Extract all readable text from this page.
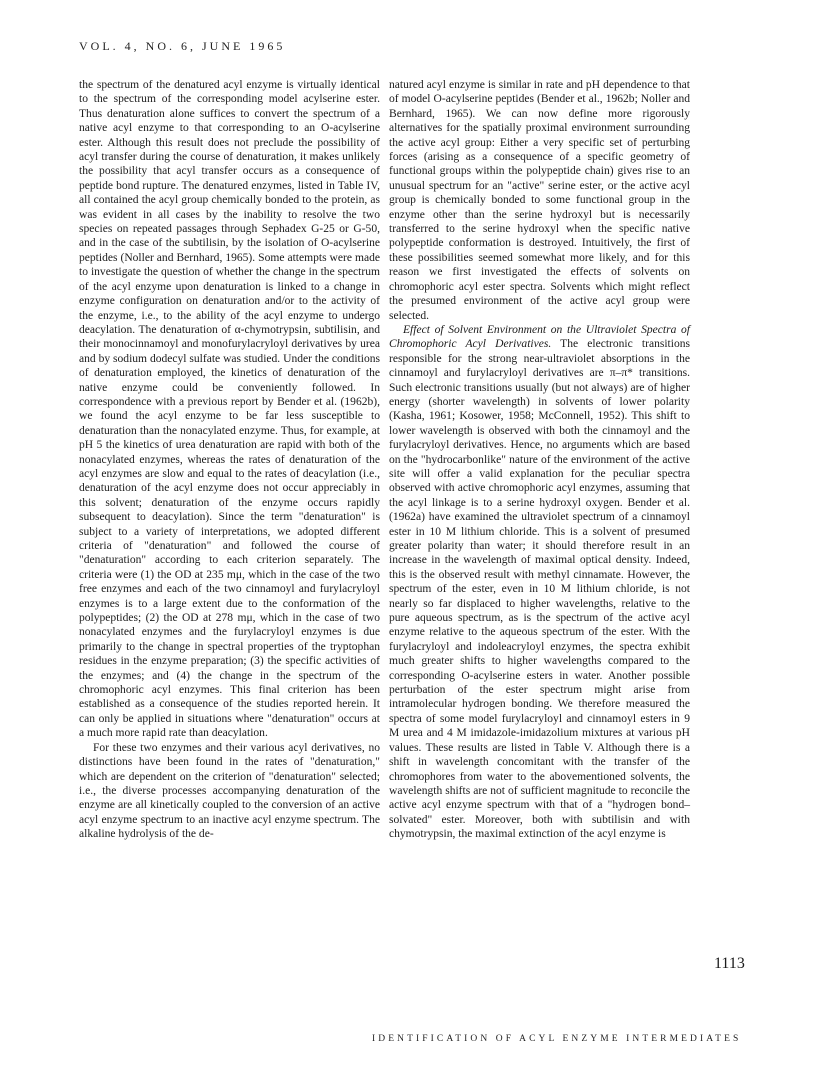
VOL. 4, NO. 6, JUNE 1965

the spectrum of the denatured acyl enzyme is virtually identical to the spectrum of the corresponding model acylserine ester. Thus denaturation alone suffices to convert the spectrum of a native acyl enzyme to that corresponding to an O-acylserine ester. Although this result does not preclude the possibility of acyl transfer during the course of denaturation, it makes unlikely the possibility that acyl transfer occurs as a consequence of peptide bond rupture. The denatured enzymes, listed in Table IV, all contained the acyl group chemically bonded to the protein, as was evident in all cases by the inability to resolve the two species on repeated passages through Sephadex G-25 or G-50, and in the case of the subtilisin, by the isolation of O-acylserine peptides (Noller and Bernhard, 1965). Some attempts were made to investigate the question of whether the change in the spectrum of the acyl enzyme upon denaturation is linked to a change in enzyme configuration on denaturation and/or to the activity of the enzyme, i.e., to the ability of the acyl enzyme to undergo deacylation. The denaturation of α-chymotrypsin, subtilisin, and their monocinnamoyl and monofurylacryloyl derivatives by urea and by sodium dodecyl sulfate was studied. Under the conditions of denaturation employed, the kinetics of denaturation of the native enzyme could be conveniently followed. In correspondence with a previous report by Bender et al. (1962b), we found the acyl enzyme to be far less susceptible to denaturation than the nonacylated enzyme. Thus, for example, at pH 5 the kinetics of urea denaturation are rapid with both of the nonacylated enzymes, whereas the rates of denaturation of the acyl enzymes are slow and equal to the rates of deacylation (i.e., denaturation of the acyl enzyme does not occur appreciably in this solvent; denaturation of the enzyme occurs rapidly subsequent to deacylation). Since the term "denaturation" is subject to a variety of interpretations, we adopted different criteria of "denaturation" and followed the course of "denaturation" according to each criterion separately. The criteria were (1) the OD at 235 mμ, which in the case of the two free enzymes and each of the two cinnamoyl and furylacryloyl enzymes is to a large extent due to the conformation of the polypeptides; (2) the OD at 278 mμ, which in the case of two nonacylated enzymes and the furylacryloyl enzymes is due primarily to the change in spectral properties of the tryptophan residues in the enzyme preparation; (3) the specific activities of the enzymes; and (4) the change in the spectrum of the chromophoric acyl enzymes. This final criterion has been established as a consequence of the studies reported herein. It can only be applied in situations where "denaturation" occurs at a much more rapid rate than deacylation.

For these two enzymes and their various acyl derivatives, no distinctions have been found in the rates of "denaturation," which are dependent on the criterion of "denaturation" selected; i.e., the diverse processes accompanying denaturation of the enzyme are all kinetically coupled to the conversion of an active acyl enzyme spectrum to an inactive acyl enzyme spectrum. The alkaline hydrolysis of the de-

natured acyl enzyme is similar in rate and pH dependence to that of model O-acylserine peptides (Bender et al., 1962b; Noller and Bernhard, 1965). We can now define more rigorously alternatives for the spatially proximal environment surrounding the active acyl group: Either a very specific set of perturbing forces (arising as a consequence of a specific geometry of functional groups within the polypeptide chain) gives rise to an unusual spectrum for an "active" serine ester, or the active acyl group is chemically bonded to some functional group in the enzyme other than the serine hydroxyl but is necessarily transferred to the serine hydroxyl when the specific native polypeptide conformation is destroyed. Intuitively, the first of these possibilities seemed somewhat more likely, and for this reason we first investigated the effects of solvents on chromophoric acyl ester spectra. Solvents which might reflect the presumed environment of the active acyl group were selected.

Effect of Solvent Environment on the Ultraviolet Spectra of Chromophoric Acyl Derivatives. The electronic transitions responsible for the strong near-ultraviolet absorptions in the cinnamoyl and furylacryloyl derivatives are π–π* transitions. Such electronic transitions usually (but not always) are of higher energy (shorter wavelength) in solvents of lower polarity (Kasha, 1961; Kosower, 1958; McConnell, 1952). This shift to lower wavelength is observed with both the cinnamoyl and the furylacryloyl derivatives. Hence, no arguments which are based on the "hydrocarbonlike" nature of the environment of the active site will offer a valid explanation for the peculiar spectra observed with active chromophoric acyl enzymes, assuming that the acyl linkage is to a serine hydroxyl oxygen. Bender et al. (1962a) have examined the ultraviolet spectrum of a cinnamoyl ester in 10 M lithium chloride. This is a solvent of presumed greater polarity than water; it should therefore result in an increase in the wavelength of maximal optical density. Indeed, this is the observed result with methyl cinnamate. However, the spectrum of the ester, even in 10 M lithium chloride, is not nearly so far displaced to higher wavelengths, relative to the pure aqueous spectrum, as is the spectrum of the active acyl enzyme relative to the aqueous spectrum of the ester. With the furylacryloyl and indoleacryloyl enzymes, the spectra exhibit much greater shifts to higher wavelengths compared to the corresponding O-acylserine esters in water. Another possible perturbation of the ester spectrum might arise from intramolecular hydrogen bonding. We therefore measured the spectra of some model furylacryloyl and cinnamoyl esters in 9 M urea and 4 M imidazole-imidazolium mixtures at various pH values. These results are listed in Table V. Although there is a shift in wavelength concomitant with the transfer of the chromophores from water to the abovementioned solvents, the wavelength shifts are not of sufficient magnitude to reconcile the active acyl enzyme spectrum with that of a "hydrogen bond–solvated" ester. Moreover, both with subtilisin and with chymotrypsin, the maximal extinction of the acyl enzyme is

1113
IDENTIFICATION OF ACYL ENZYME INTERMEDIATES
